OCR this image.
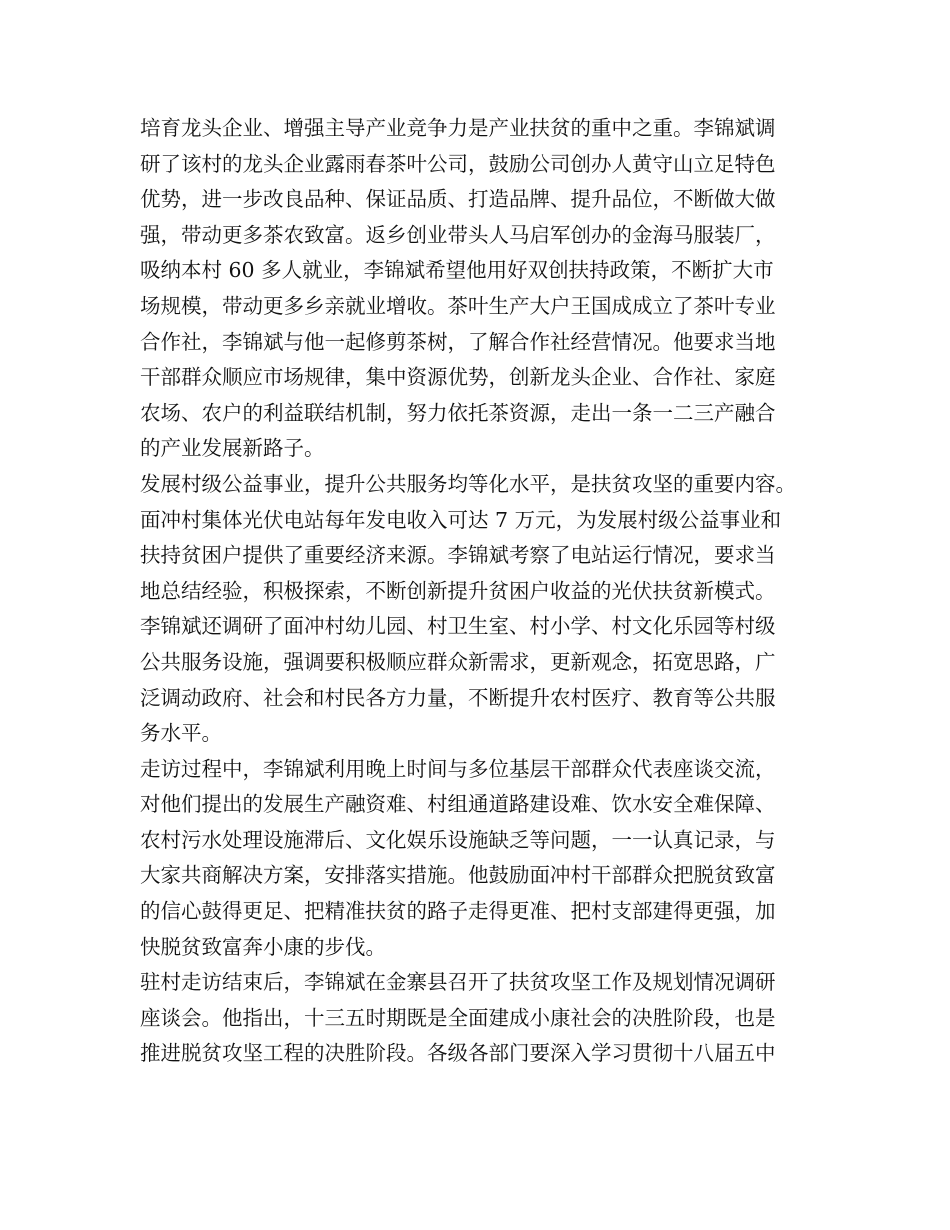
培育龙头企业、增强主导产业竞争力是产业扶贫的重中之重。李锦斌调
研了该村的龙头企业露雨春茶叶公司，鼓励公司创办人黄守山立足特色
优势，进一步改良品种、保证品质、打造品牌、提升品位，不断做大做
强，带动更多茶农致富。返乡创业带头人马启军创办的金海马服装厂，
吸纳本村 60 多人就业，李锦斌希望他用好双创扶持政策，不断扩大市
场规模，带动更多乡亲就业增收。茶叶生产大户王国成成立了茶叶专业
合作社，李锦斌与他一起修剪茶树，了解合作社经营情况。他要求当地
干部群众顺应市场规律，集中资源优势，创新龙头企业、合作社、家庭
农场、农户的利益联结机制，努力依托茶资源，走出一条一二三产融合
的产业发展新路子。
发展村级公益事业，提升公共服务均等化水平，是扶贫攻坚的重要内容。
面冲村集体光伏电站每年发电收入可达 7 万元，为发展村级公益事业和
扶持贫困户提供了重要经济来源。李锦斌考察了电站运行情况，要求当
地总结经验，积极探索，不断创新提升贫困户收益的光伏扶贫新模式。
李锦斌还调研了面冲村幼儿园、村卫生室、村小学、村文化乐园等村级
公共服务设施，强调要积极顺应群众新需求，更新观念，拓宽思路，广
泛调动政府、社会和村民各方力量，不断提升农村医疗、教育等公共服
务水平。
走访过程中，李锦斌利用晚上时间与多位基层干部群众代表座谈交流，
对他们提出的发展生产融资难、村组通道路建设难、饮水安全难保障、
农村污水处理设施滞后、文化娱乐设施缺乏等问题，一一认真记录，与
大家共商解决方案，安排落实措施。他鼓励面冲村干部群众把脱贫致富
的信心鼓得更足、把精准扶贫的路子走得更准、把村支部建得更强，加
快脱贫致富奔小康的步伐。
驻村走访结束后，李锦斌在金寨县召开了扶贫攻坚工作及规划情况调研
座谈会。他指出，十三五时期既是全面建成小康社会的决胜阶段，也是
推进脱贫攻坚工程的决胜阶段。各级各部门要深入学习贯彻十八届五中
